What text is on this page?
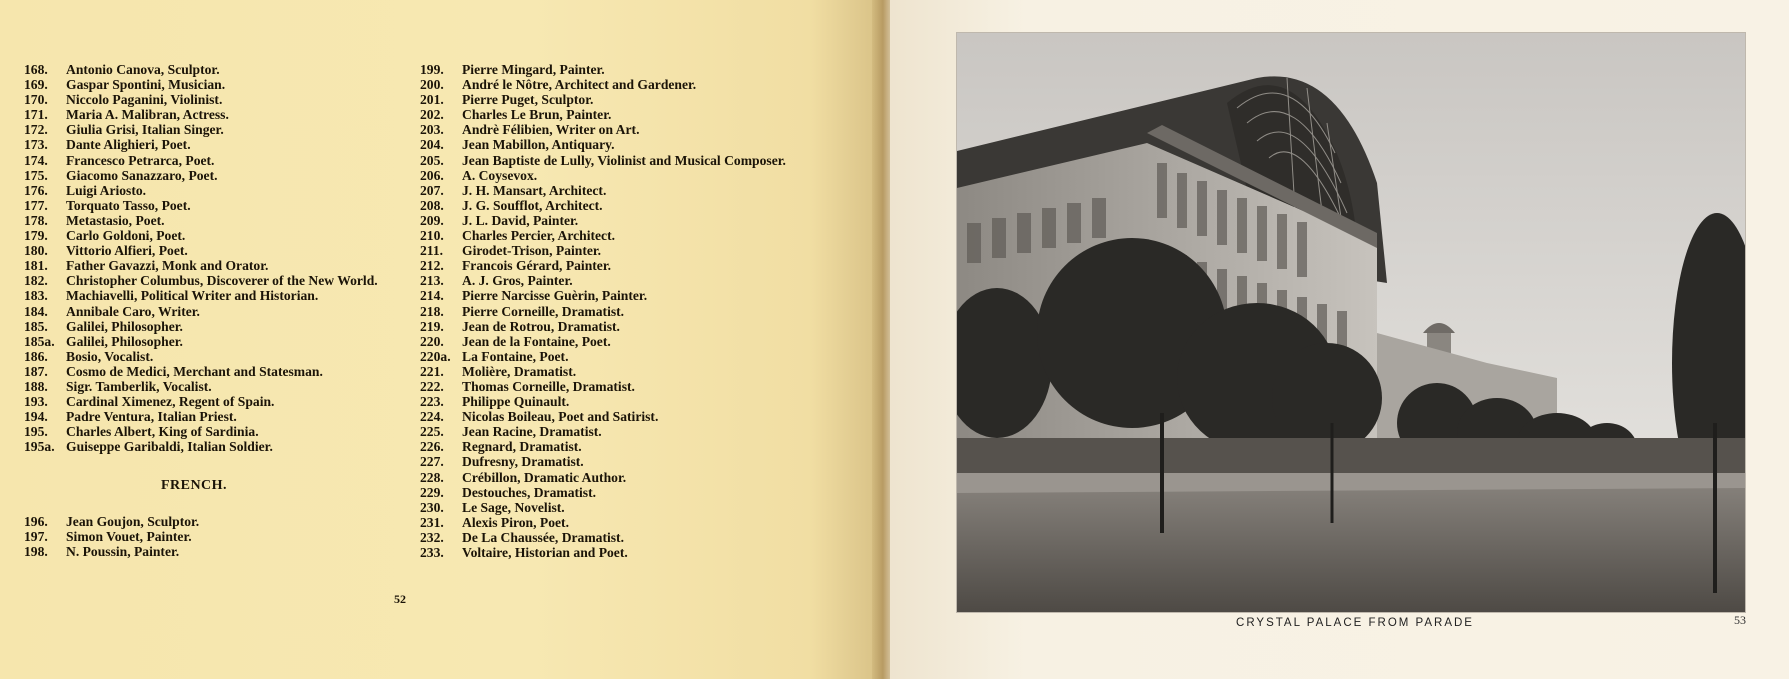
168.	Antonio Canova, Sculptor.
169.	Gaspar Spontini, Musician.
170.	Niccolo Paganini, Violinist.
171.	Maria A. Malibran, Actress.
172.	Giulia Grisi, Italian Singer.
173.	Dante Alighieri, Poet.
174.	Francesco Petrarca, Poet.
175.	Giacomo Sanazzaro, Poet.
176.	Luigi Ariosto.
177.	Torquato Tasso, Poet.
178.	Metastasio, Poet.
179.	Carlo Goldoni, Poet.
180.	Vittorio Alfieri, Poet.
181.	Father Gavazzi, Monk and Orator.
182.	Christopher Columbus, Discoverer of the New World.
183.	Machiavelli, Political Writer and Historian.
184.	Annibale Caro, Writer.
185.	Galilei, Philosopher.
185a. Galilei, Philosopher.
186.	Bosio, Vocalist.
187.	Cosmo de Medici, Merchant and Statesman.
188.	Sigr. Tamberlik, Vocalist.
193.	Cardinal Ximenez, Regent of Spain.
194.	Padre Ventura, Italian Priest.
195.	Charles Albert, King of Sardinia.
195a. Guiseppe Garibaldi, Italian Soldier.
FRENCH.
196.	Jean Goujon, Sculptor.
197.	Simon Vouet, Painter.
198.	N. Poussin, Painter.
199.	Pierre Mingard, Painter.
200.	André le Nôtre, Architect and Gardener.
201.	Pierre Puget, Sculptor.
202.	Charles Le Brun, Painter.
203.	Andrè Félibien, Writer on Art.
204.	Jean Mabillon, Antiquary.
205.	Jean Baptiste de Lully, Violinist and Musical Composer.
206.	A. Coysevox.
207.	J. H. Mansart, Architect.
208.	J. G. Soufflot, Architect.
209.	J. L. David, Painter.
210.	Charles Percier, Architect.
211.	Girodet-Trison, Painter.
212.	Francois Gérard, Painter.
213.	A. J. Gros, Painter.
214.	Pierre Narcisse Guèrin, Painter.
218.	Pierre Corneille, Dramatist.
219.	Jean de Rotrou, Dramatist.
220.	Jean de la Fontaine, Poet.
220a. La Fontaine, Poet.
221.	Molière, Dramatist.
222.	Thomas Corneille, Dramatist.
223.	Philippe Quinault.
224.	Nicolas Boileau, Poet and Satirist.
225.	Jean Racine, Dramatist.
226.	Regnard, Dramatist.
227.	Dufresny, Dramatist.
228.	Crébillon, Dramatic Author.
229.	Destouches, Dramatist.
230.	Le Sage, Novelist.
231.	Alexis Piron, Poet.
232.	De La Chaussée, Dramatist.
233.	Voltaire, Historian and Poet.
52
CRYSTAL PALACE FROM PARADE	53
